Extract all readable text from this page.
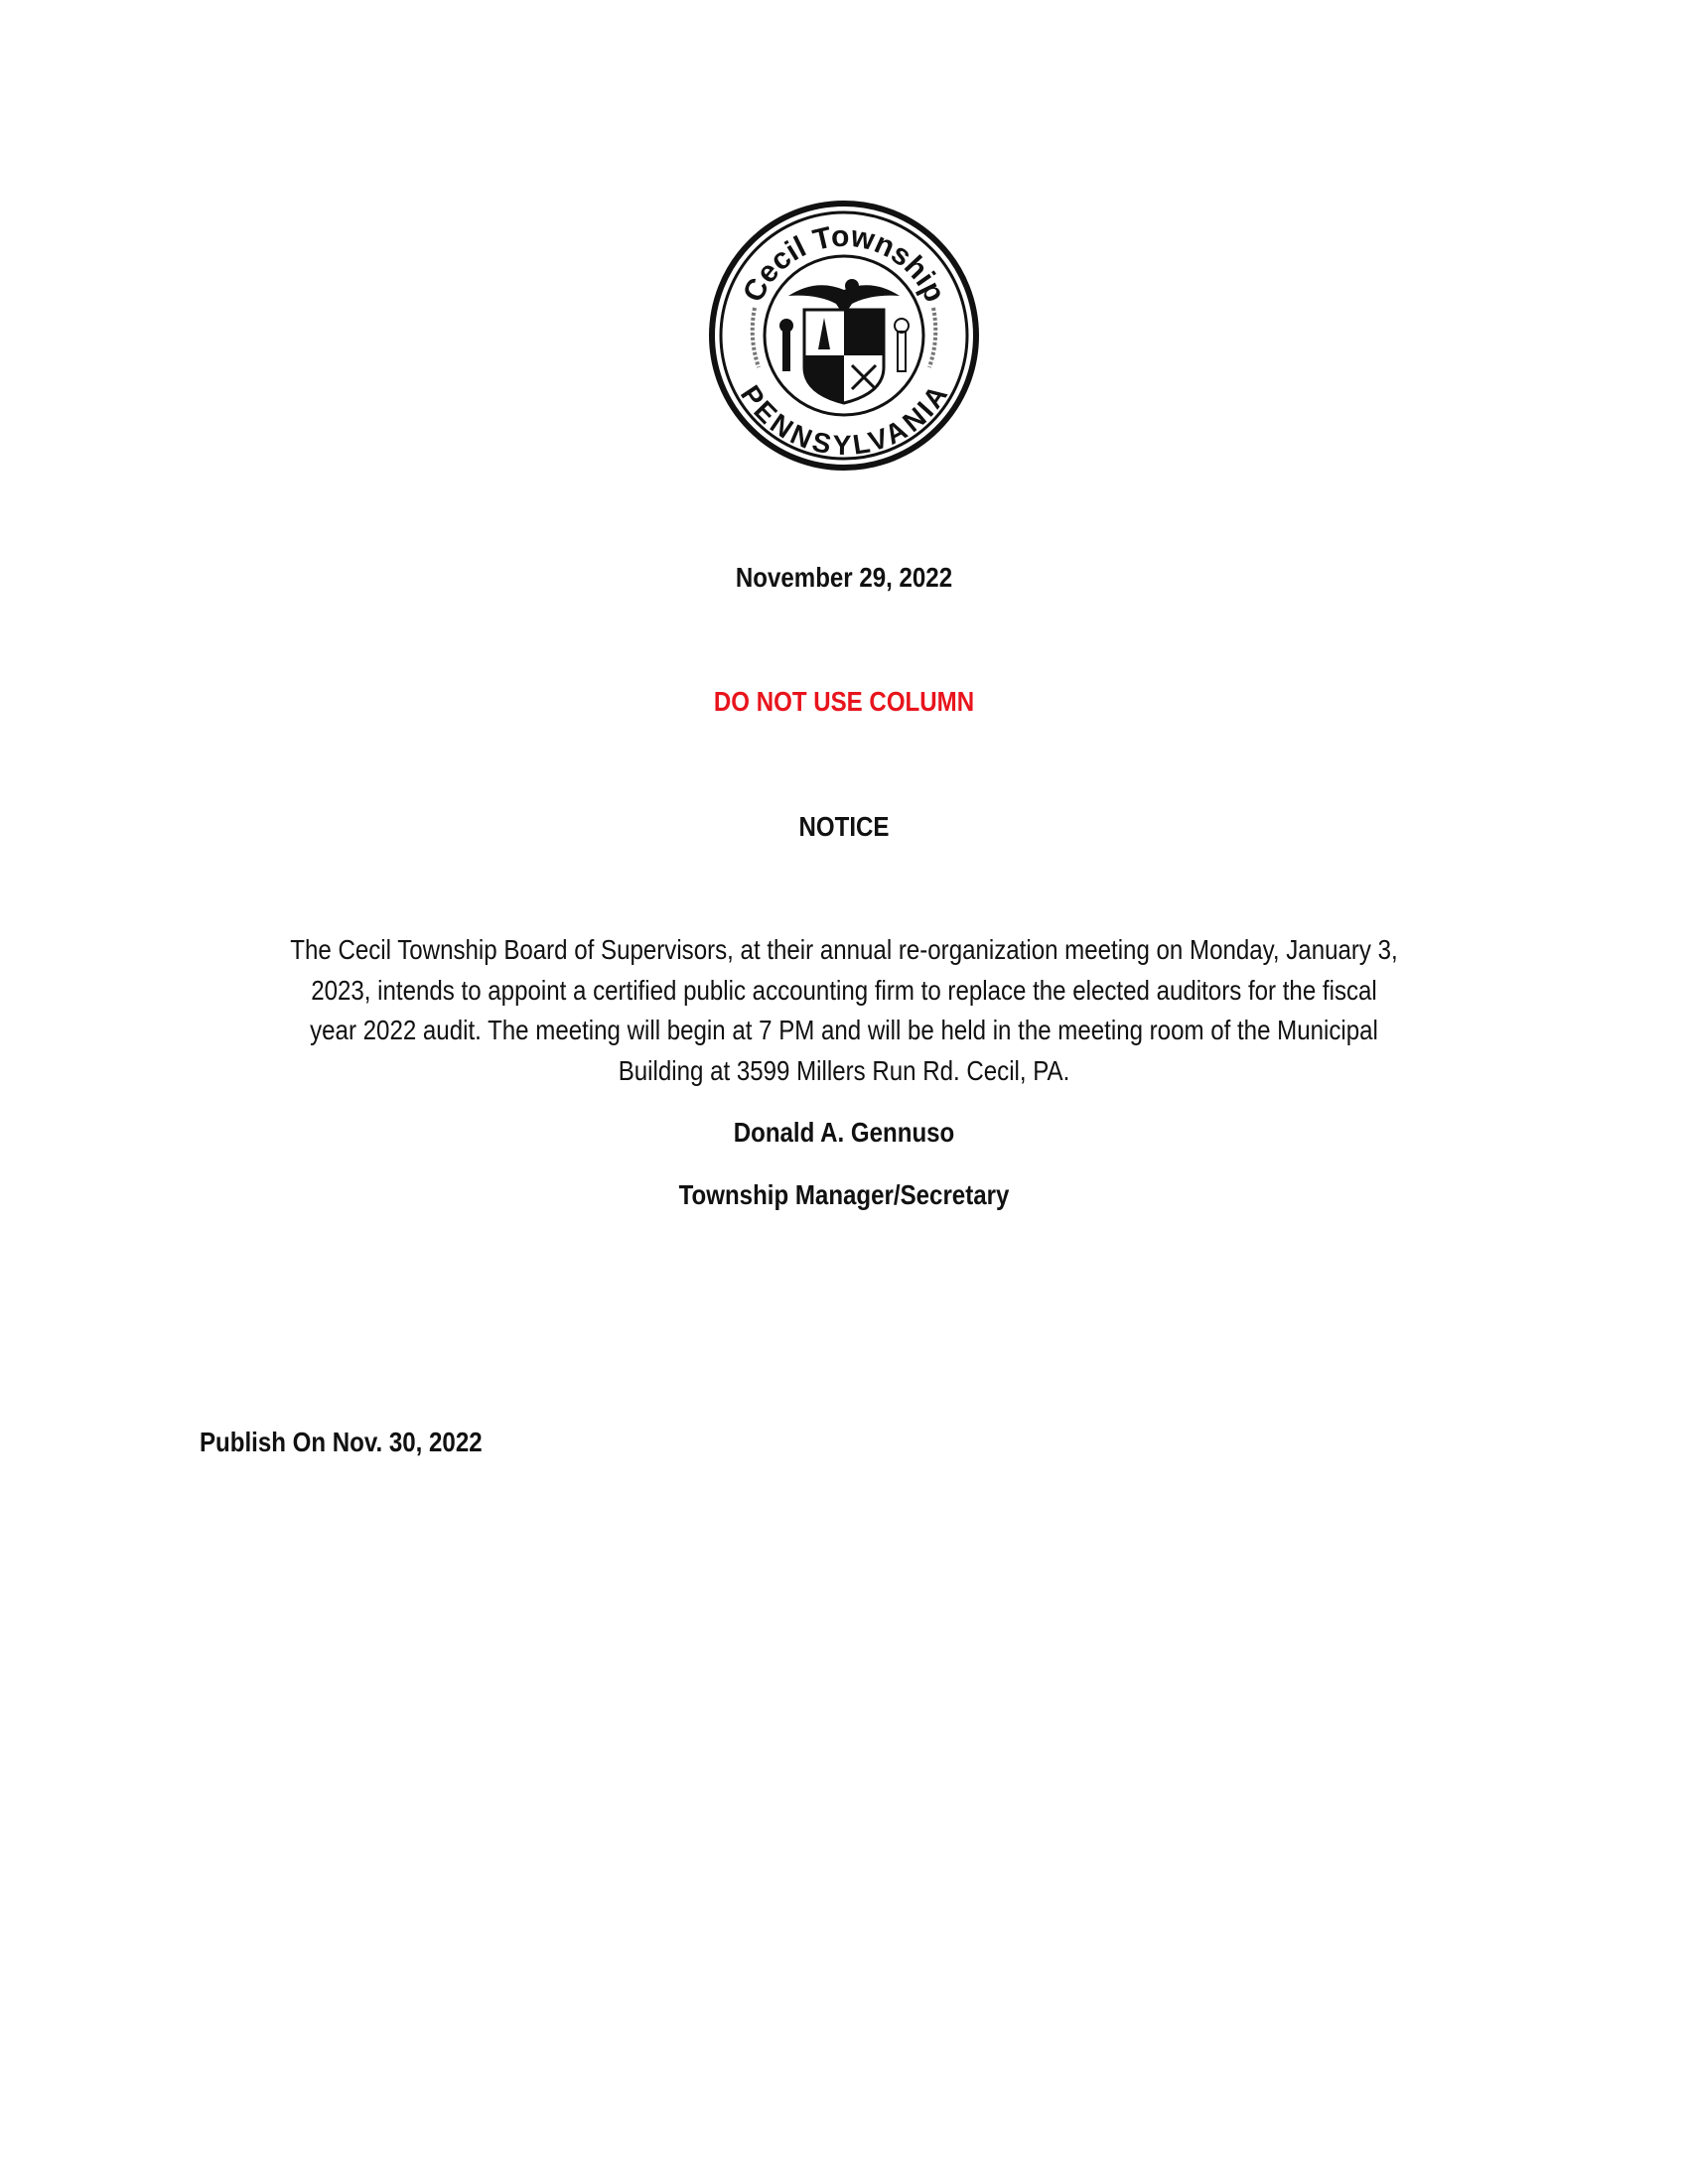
Cecil Township
PENNSYLVANIA
November 29, 2022
DO NOT USE COLUMN
NOTICE
The Cecil Township Board of Supervisors, at their annual re-organization meeting on Monday, January 3,
2023, intends to appoint a certified public accounting firm to replace the elected auditors for the fiscal
year 2022 audit. The meeting will begin at 7 PM and will be held in the meeting room of the Municipal
Building at 3599 Millers Run Rd. Cecil, PA.
Donald A. Gennuso
Township Manager/Secretary
Publish On Nov. 30, 2022
